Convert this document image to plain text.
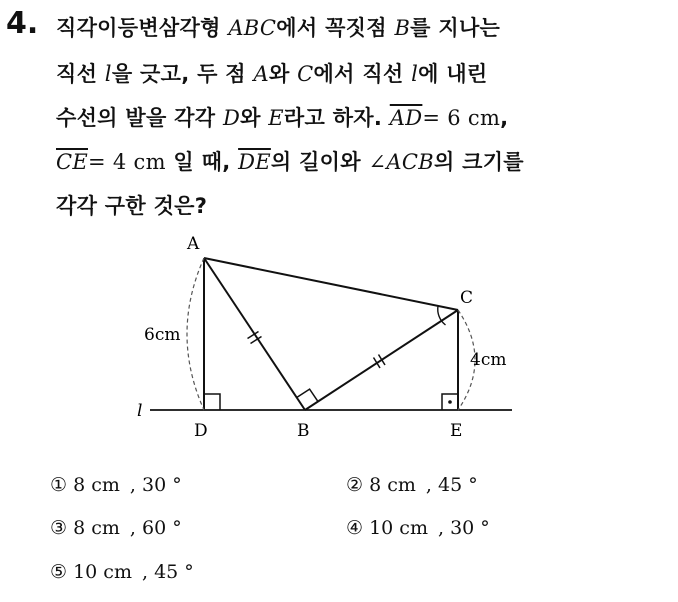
4. 직각이등변삼각형 ABC에서 꼭짓점 B를 지나는
직선 l을 긋고, 두 점 A와 C에서 직선 l에 내린
수선의 발을 각각 D와 E라고 하자. $\overline{AD}= 6$ cm,
$\overline{CE}= 4$ cm 일 때, $\overline{DE}$의 길이와 ∠ACB의 크기를
각각 구한 것은?
A
C
D	B	E
l
6cm
4cm
① 8 cm , 30 °	② 8 cm , 45 °
③ 8 cm , 60 °	④ 10 cm , 30 °
⑤ 10 cm , 45 °
